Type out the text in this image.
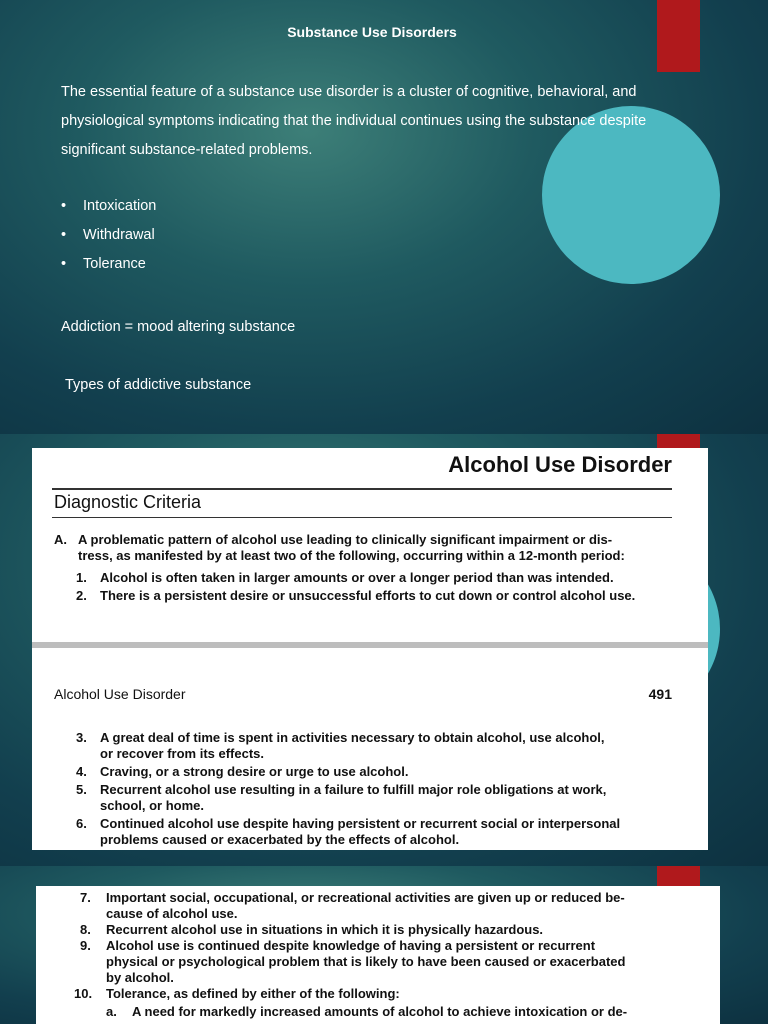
Substance Use Disorders

The essential feature of a substance use disorder is a cluster of cognitive, behavioral, and

physiological symptoms indicating that the individual continues using the substance despite

significant substance-related problems.

• Intoxication
• Withdrawal
• Tolerance
Addiction = mood altering substance
Types of addictive substance
Alcohol Use Disorder
Diagnostic Criteria
A. A problematic pattern of alcohol use leading to clinically significant impairment or dis-
tress, as manifested by at least two of the following, occurring within a 12-month period:
1. Alcohol is often taken in larger amounts or over a longer period than was intended.
2. There is a persistent desire or unsuccessful efforts to cut down or control alcohol use.
Alcohol Use Disorder	491
3. A great deal of time is spent in activities necessary to obtain alcohol, use alcohol,
or recover from its effects.
4. Craving, or a strong desire or urge to use alcohol.
5. Recurrent alcohol use resulting in a failure to fulfill major role obligations at work,
school, or home.
6. Continued alcohol use despite having persistent or recurrent social or interpersonal
problems caused or exacerbated by the effects of alcohol.
7. Important social, occupational, or recreational activities are given up or reduced be-
cause of alcohol use.
8. Recurrent alcohol use in situations in which it is physically hazardous.
9. Alcohol use is continued despite knowledge of having a persistent or recurrent
physical or psychological problem that is likely to have been caused or exacerbated
by alcohol.
10. Tolerance, as defined by either of the following:
a. A need for markedly increased amounts of alcohol to achieve intoxication or de-
